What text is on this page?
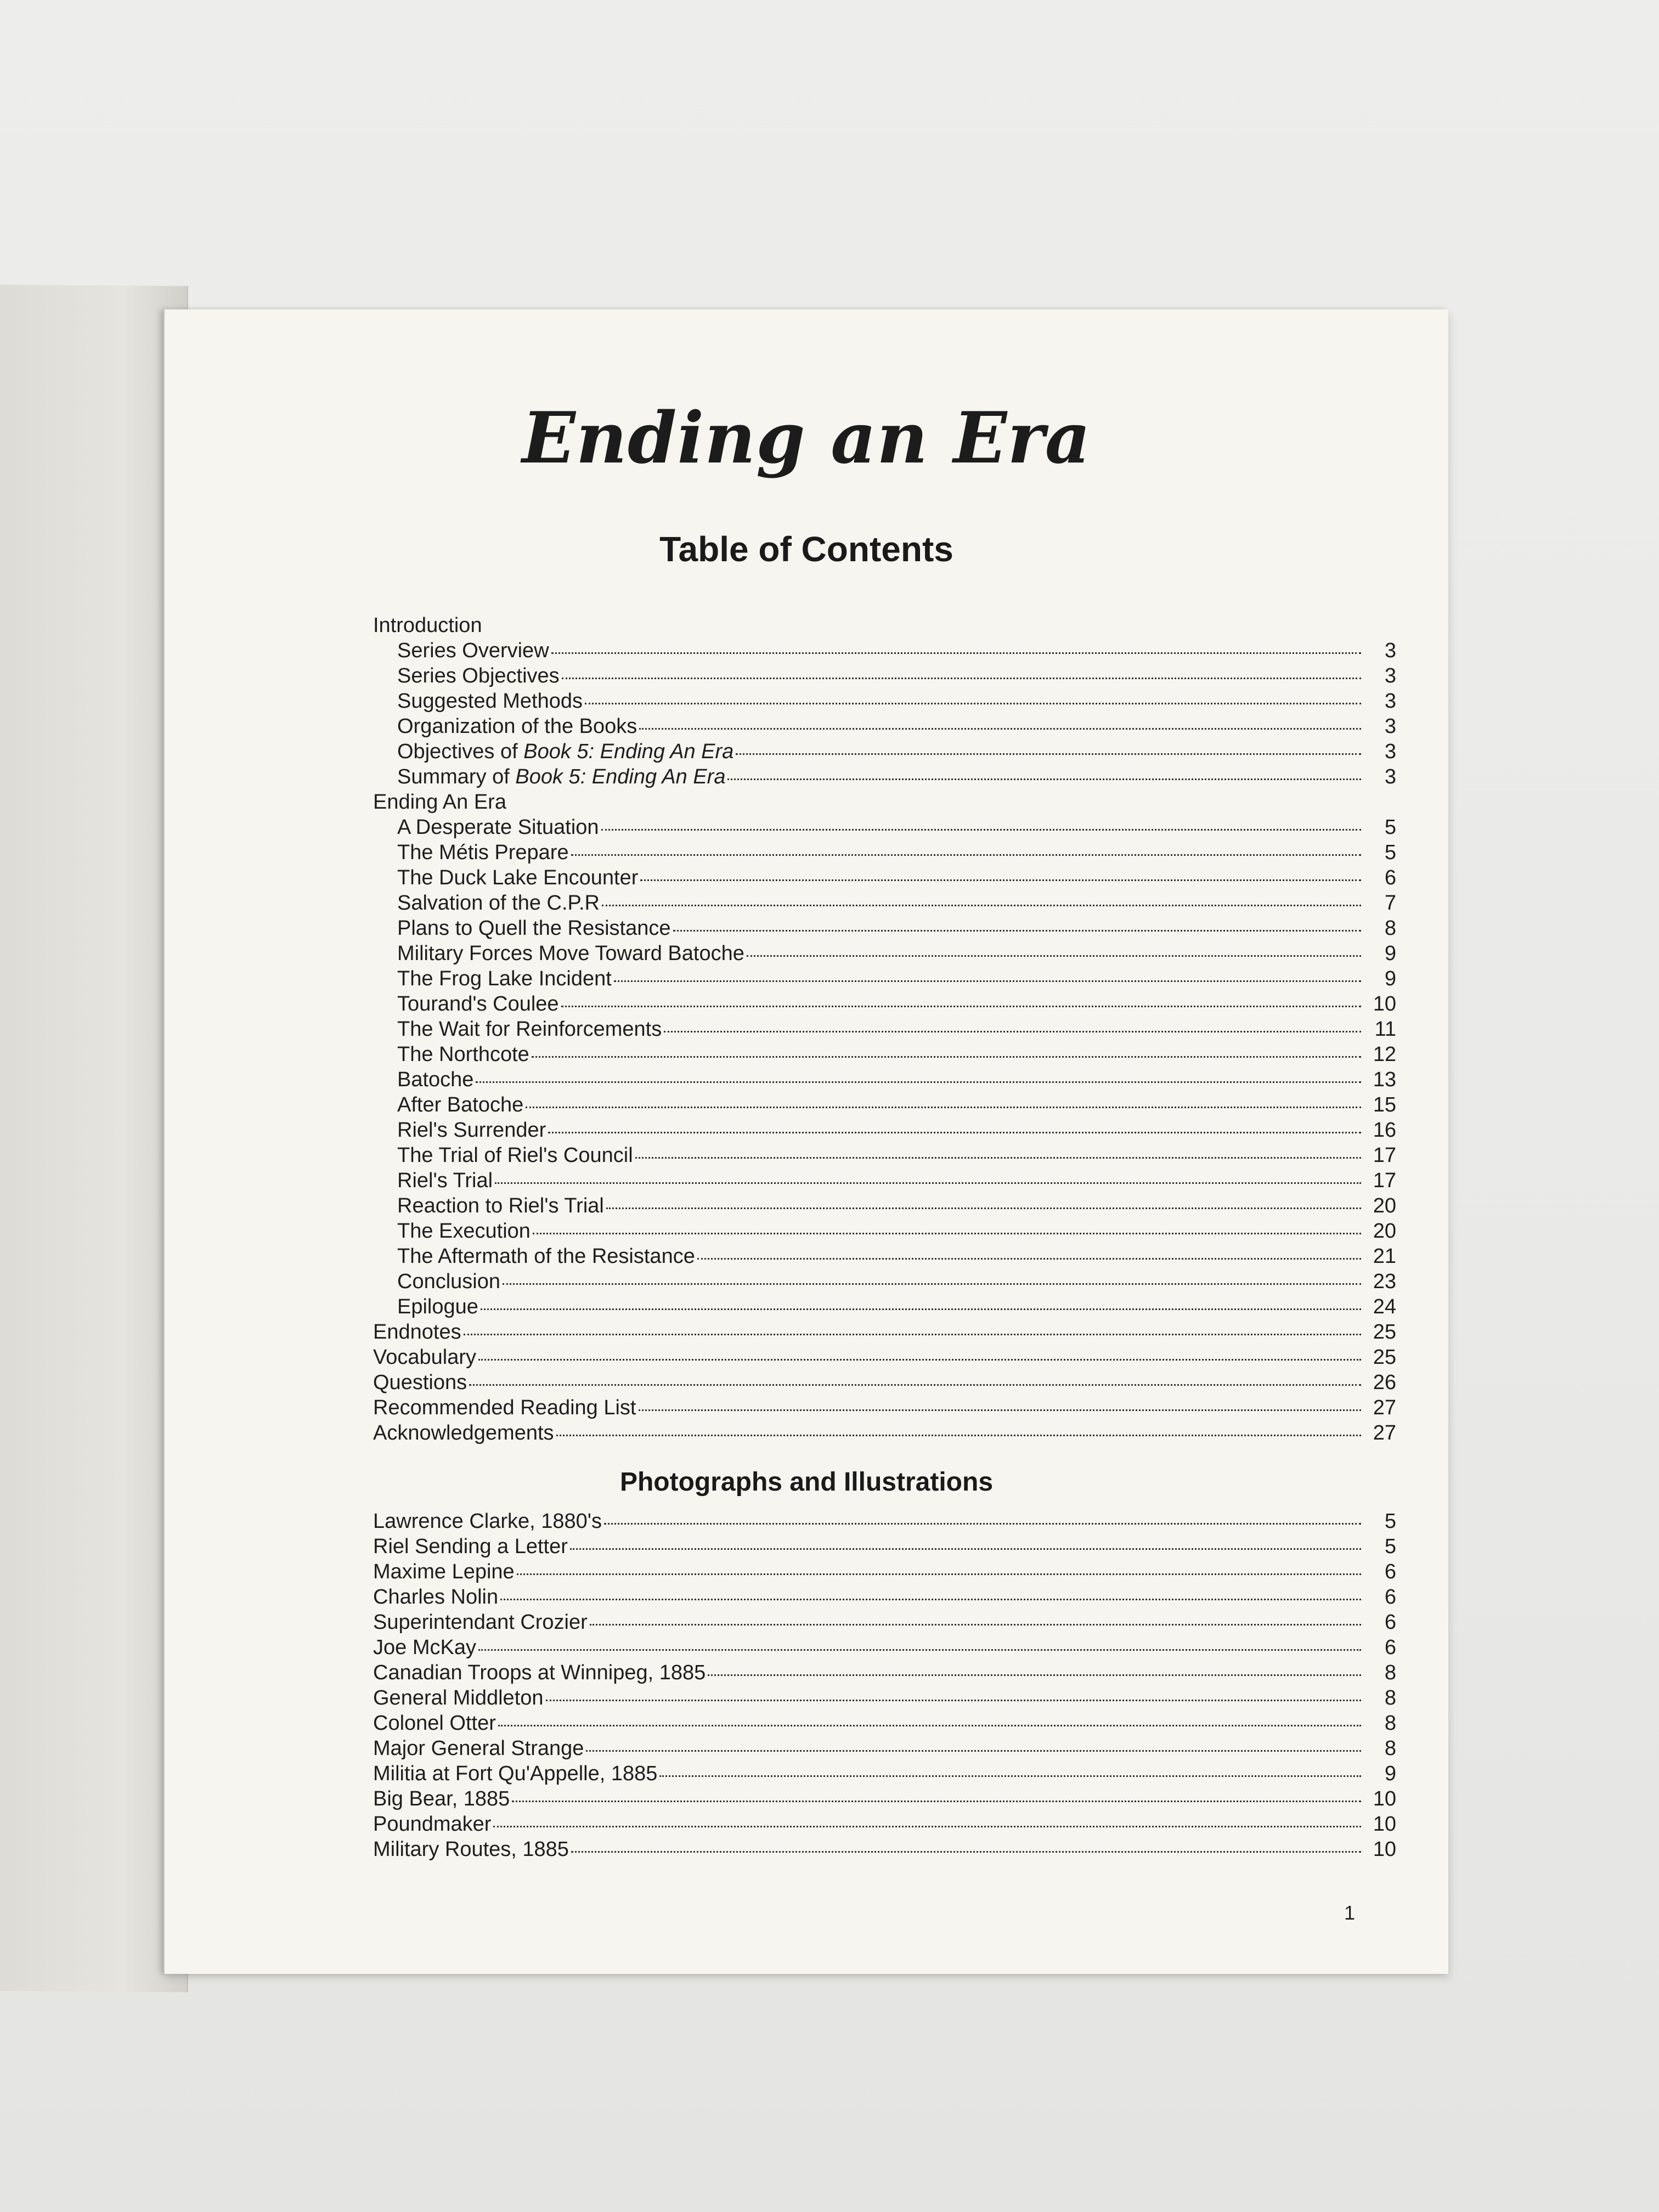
Ending an Era
Table of Contents
Introduction
Series Overview	3
Series Objectives	3
Suggested Methods	3
Organization of the Books	3
Objectives of Book 5: Ending An Era	3
Summary of Book 5: Ending An Era	3
Ending An Era
A Desperate Situation	5
The Métis Prepare	5
The Duck Lake Encounter	6
Salvation of the C.P.R	7
Plans to Quell the Resistance	8
Military Forces Move Toward Batoche	9
The Frog Lake Incident	9
Tourand's Coulee	10
The Wait for Reinforcements	11
The Northcote	12
Batoche	13
After Batoche	15
Riel's Surrender	16
The Trial of Riel's Council	17
Riel's Trial	17
Reaction to Riel's Trial	20
The Execution	20
The Aftermath of the Resistance	21
Conclusion	23
Epilogue	24
Endnotes	25
Vocabulary	25
Questions	26
Recommended Reading List	27
Acknowledgements	27
Photographs and Illustrations
Lawrence Clarke, 1880's	5
Riel Sending a Letter	5
Maxime Lepine	6
Charles Nolin	6
Superintendant Crozier	6
Joe McKay	6
Canadian Troops at Winnipeg, 1885	8
General Middleton	8
Colonel Otter	8
Major General Strange	8
Militia at Fort Qu'Appelle, 1885	9
Big Bear, 1885	10
Poundmaker	10
Military Routes, 1885	10
1
